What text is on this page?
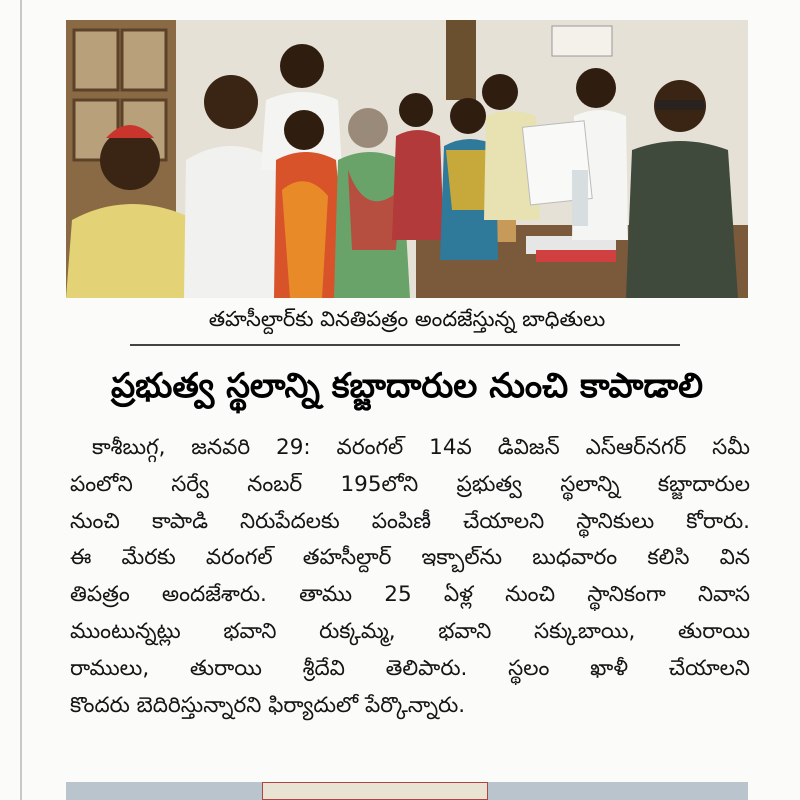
తహసీల్దార్‌కు వినతిపత్రం అందజేస్తున్న బాధితులు
ప్రభుత్వ స్థలాన్ని కబ్జాదారుల నుంచి కాపాడాలి
కాశీబుగ్గ, జనవరి 29: వరంగల్ 14వ డివిజన్ ఎస్ఆర్‌నగర్ సమీ
పంలోని సర్వే నంబర్ 195లోని ప్రభుత్వ స్థలాన్ని కబ్జాదారుల
నుంచి కాపాడి నిరుపేదలకు పంపిణీ చేయాలని స్థానికులు కోరారు.
ఈ మేరకు వరంగల్ తహసీల్దార్ ఇక్బాల్‌ను బుధవారం కలిసి విన
తిపత్రం అందజేశారు. తాము 25 ఏళ్ల నుంచి స్థానికంగా నివాస
ముంటున్నట్లు భవాని రుక్కమ్మ, భవాని సక్కుబాయి, తురాయి
రాములు, తురాయి శ్రీదేవి తెలిపారు. స్థలం ఖాళీ చేయాలని
కొందరు బెదిరిస్తున్నారని ఫిర్యాదులో పేర్కొన్నారు.
